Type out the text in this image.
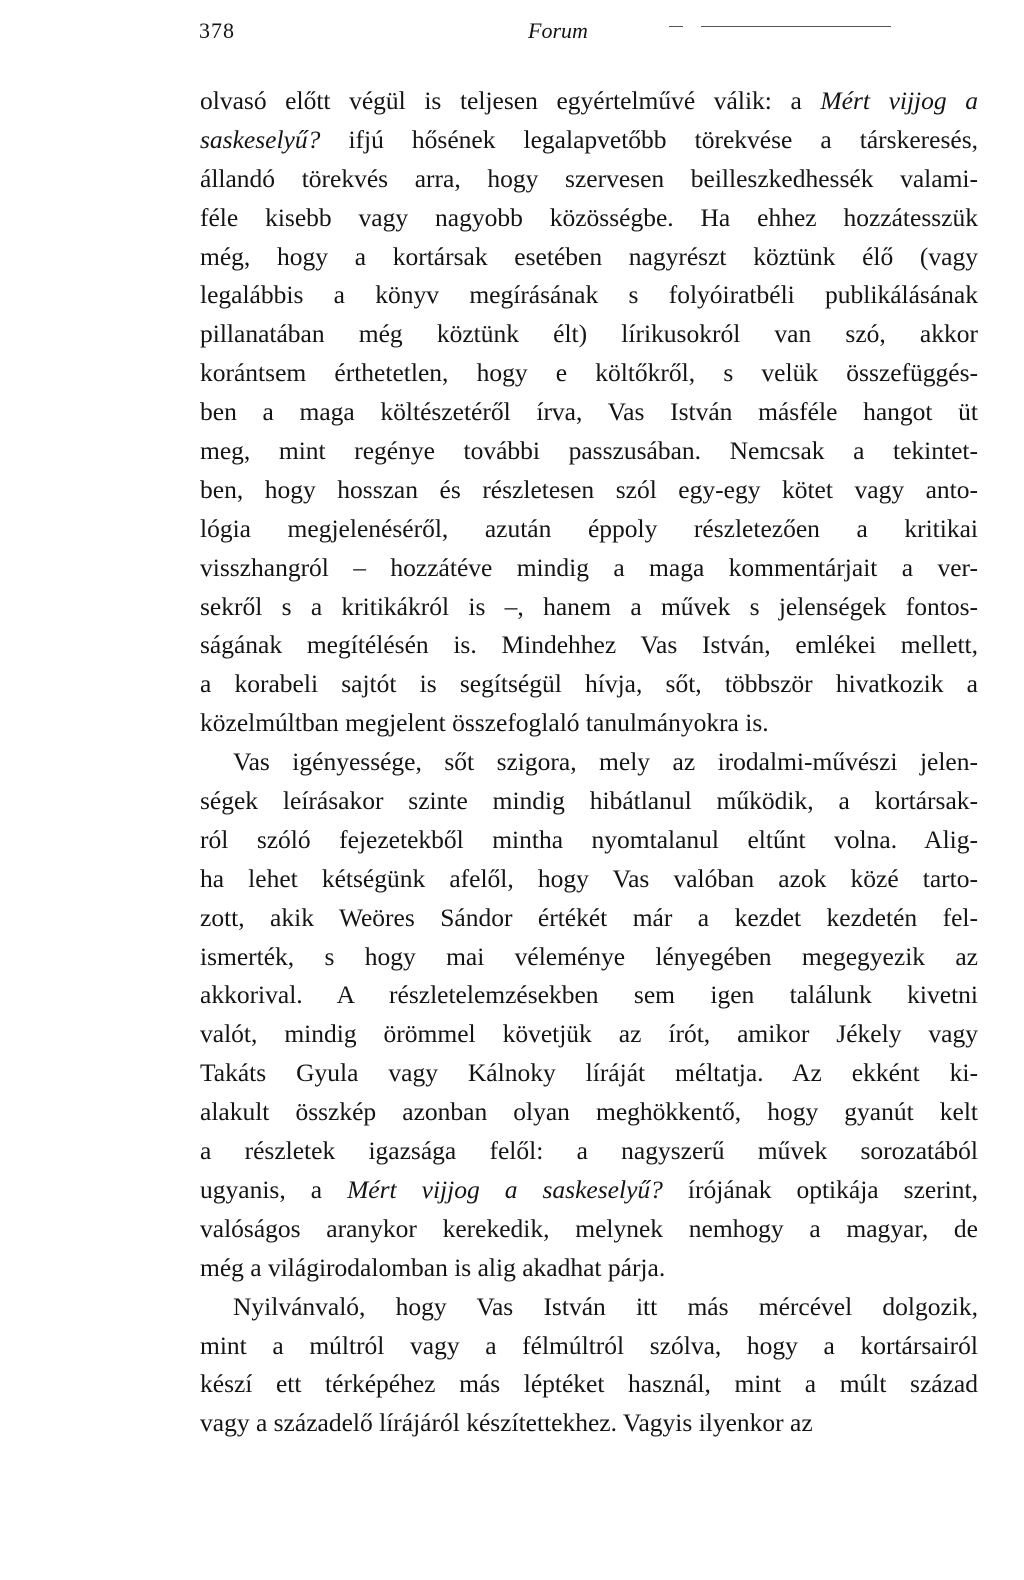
378	Forum

olvasó előtt végül is teljesen egyértelművé válik: a Mért vijjog a
saskeselyű? ifjú hősének legalapvetőbb törekvése a társkeresés,
állandó törekvés arra, hogy szervesen beilleszkedhessék valami-
féle kisebb vagy nagyobb közösségbe. Ha ehhez hozzátesszük
még, hogy a kortársak esetében nagyrészt köztünk élő (vagy
legalábbis a könyv megírásának s folyóiratbéli publikálásának
pillanatában még köztünk élt) lírikusokról van szó, akkor
korántsem érthetetlen, hogy e költőkről, s velük összefüggés-
ben a maga költészetéről írva, Vas István másféle hangot üt
meg, mint regénye további passzusában. Nemcsak a tekintet-
ben, hogy hosszan és részletesen szól egy-egy kötet vagy anto-
lógia megjelenéséről, azután éppoly részletezően a kritikai
visszhangról – hozzátéve mindig a maga kommentárjait a ver-
sekről s a kritikákról is –, hanem a művek s jelenségek fontos-
ságának megítélésén is. Mindehhez Vas István, emlékei mellett,
a korabeli sajtót is segítségül hívja, sőt, többször hivatkozik a
közelmúltban megjelent összefoglaló tanulmányokra is.

Vas igényessége, sőt szigora, mely az irodalmi-művészi jelen-
ségek leírásakor szinte mindig hibátlanul működik, a kortársak-
ról szóló fejezetekből mintha nyomtalanul eltűnt volna. Alig-
ha lehet kétségünk afelől, hogy Vas valóban azok közé tarto-
zott, akik Weöres Sándor értékét már a kezdet kezdetén fel-
ismerték, s hogy mai véleménye lényegében megegyezik az
akkorival. A részletelemzésekben sem igen találunk kivetni
valót, mindig örömmel követjük az írót, amikor Jékely vagy
Takáts Gyula vagy Kálnoky líráját méltatja. Az ekként ki-
alakult összkép azonban olyan meghökkentő, hogy gyanút kelt
a részletek igazsága felől: a nagyszerű művek sorozatából
ugyanis, a Mért vijjog a saskeselyű? írójának optikája szerint,
valóságos aranykor kerekedik, melynek nemhogy a magyar, de
még a világirodalomban is alig akadhat párja.

Nyilvánvaló, hogy Vas István itt más mércével dolgozik,
mint a múltról vagy a félmúltról szólva, hogy a kortársairól
készí ett térképéhez más léptéket használ, mint a múlt század
vagy a századelő lírájáról készítettekhez. Vagyis ilyenkor az
